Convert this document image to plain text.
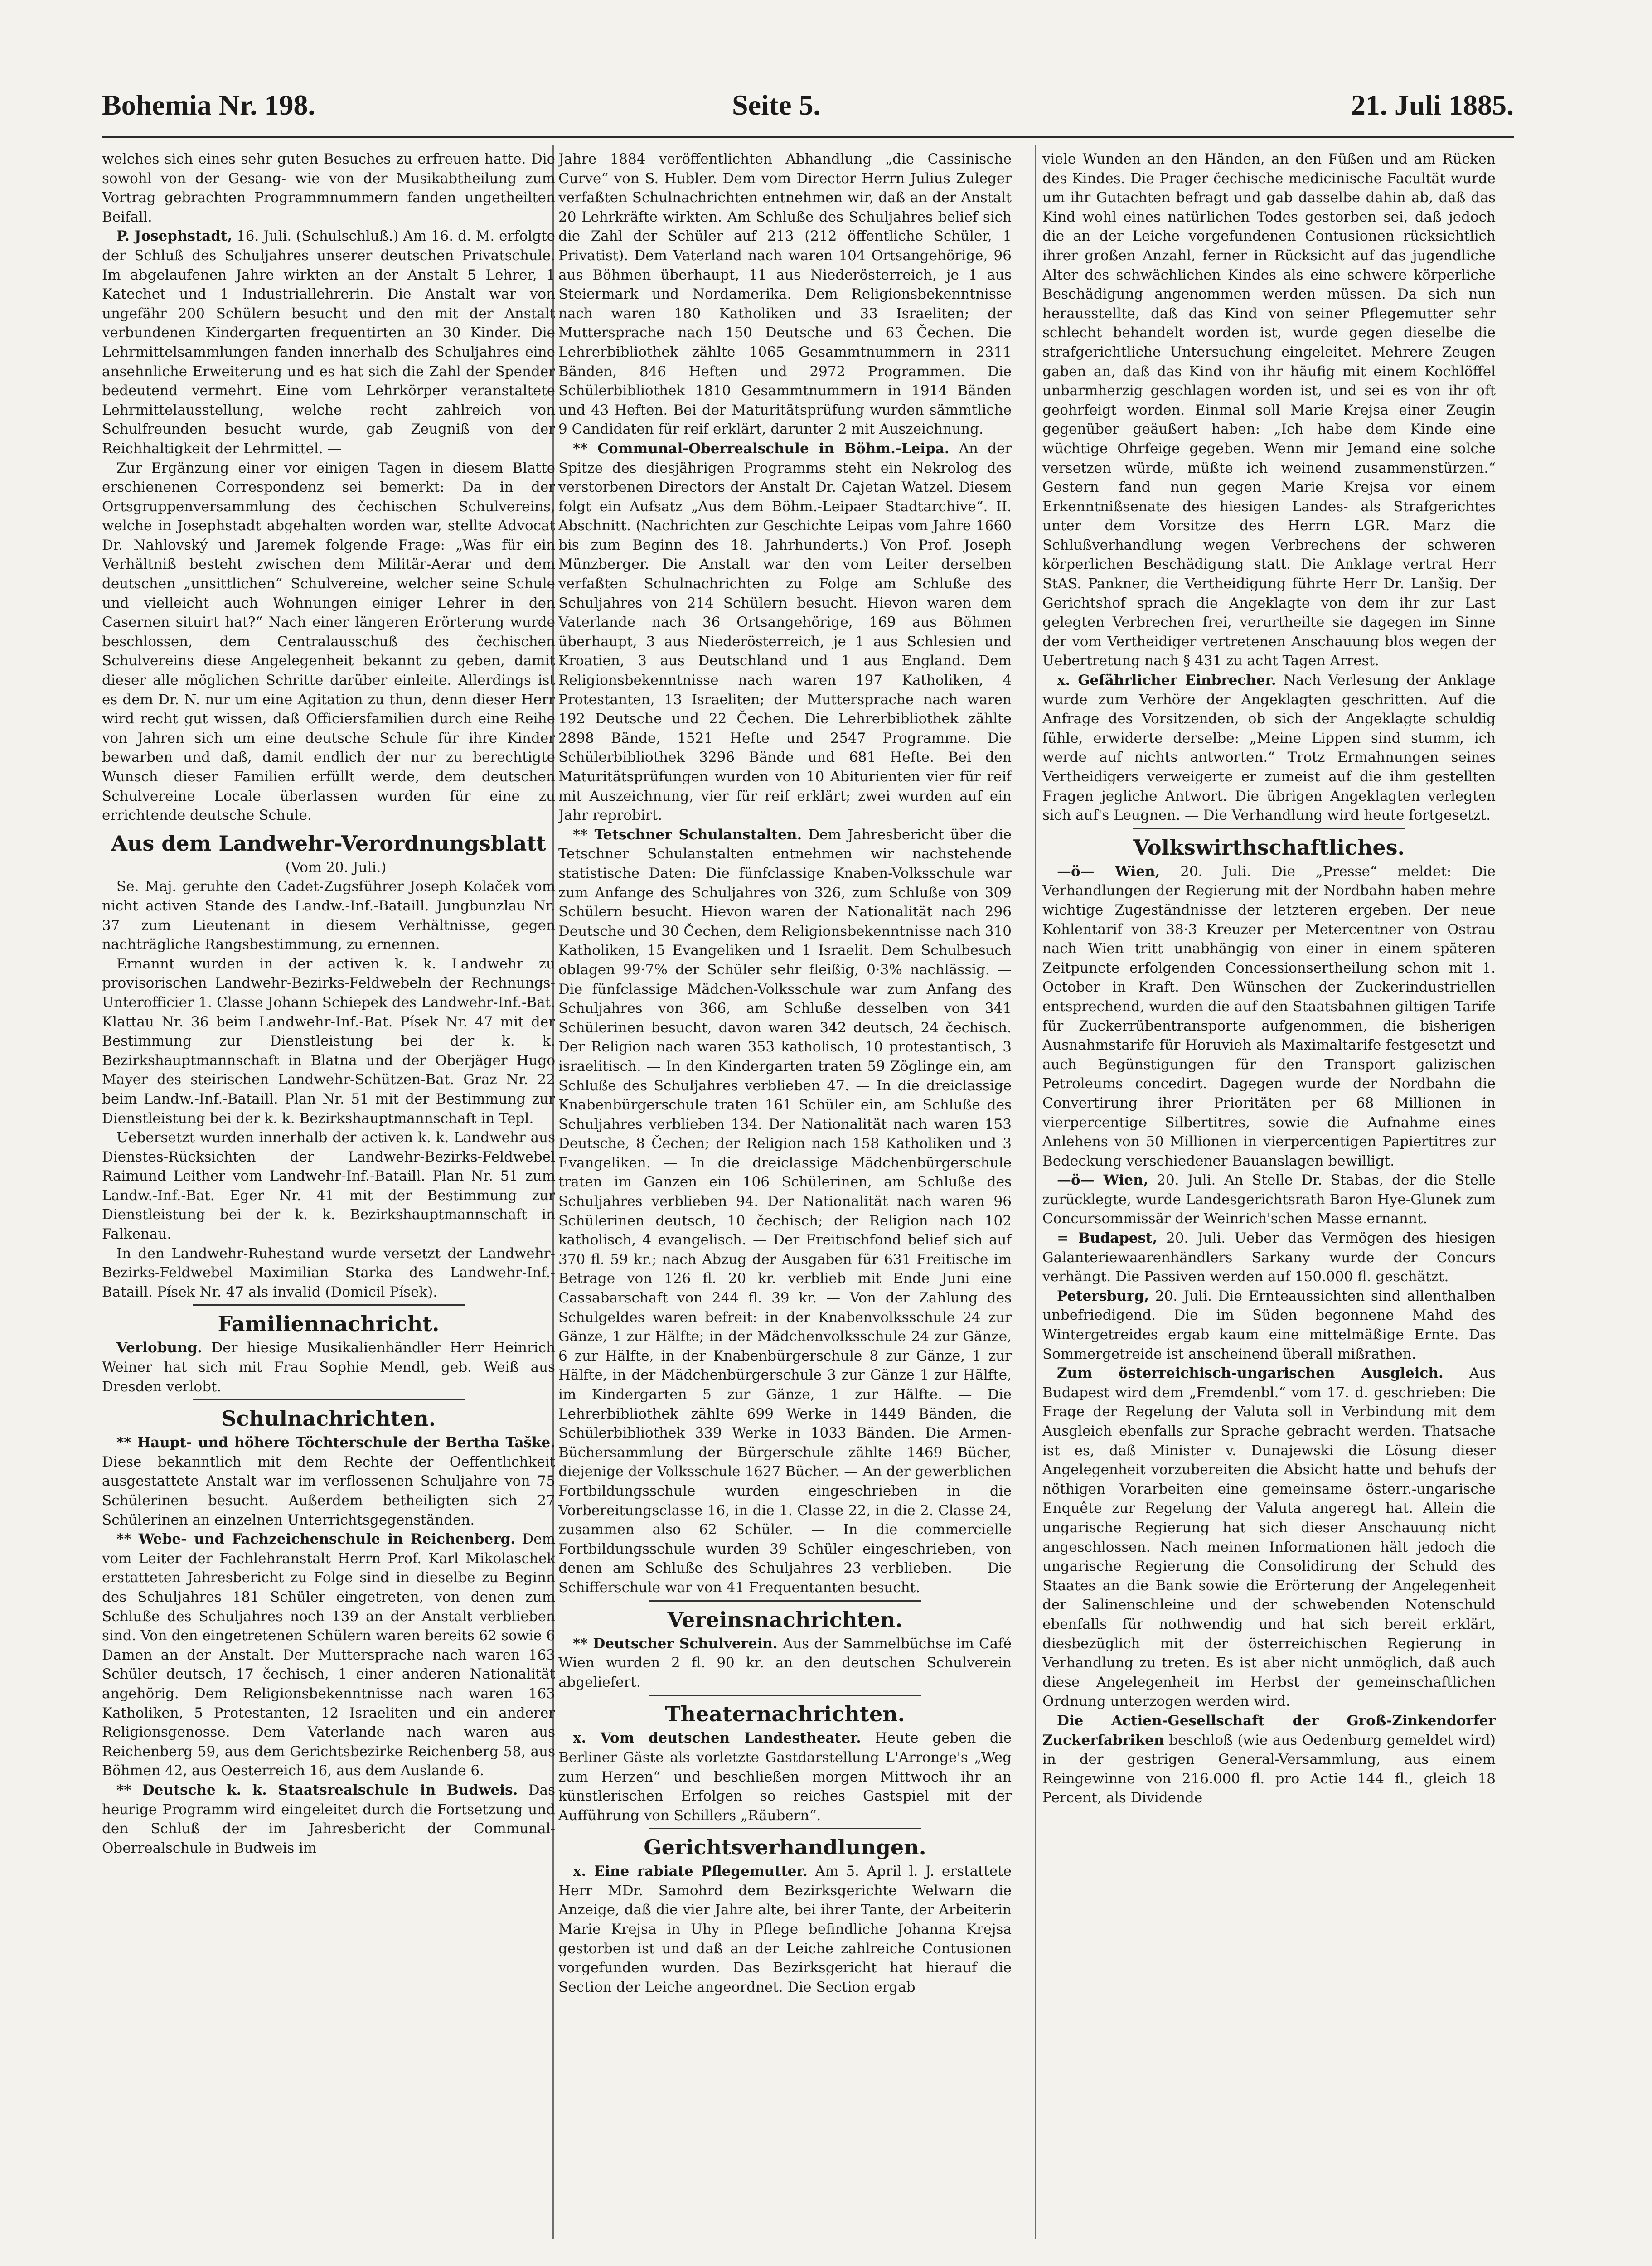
Bohemia Nr. 198.	Seite 5.	21. Juli 1885.

welches sich eines sehr guten Besuches zu erfreuen hatte. Die sowohl von der Gesang- wie von der Musikabtheilung zum Vortrag gebrachten Programmnummern fanden ungetheilten Beifall.

P. Josephstadt, 16. Juli. (Schulschluß.) Am 16. d. M. erfolgte der Schluß des Schuljahres unserer deutschen Privatschule. Im abgelaufenen Jahre wirkten an der Anstalt 5 Lehrer, 1 Katechet und 1 Industriallehrerin. Die Anstalt war von ungefähr 200 Schülern besucht und den mit der Anstalt verbundenen Kindergarten frequentirten an 30 Kinder. Die Lehrmittelsammlungen fanden innerhalb des Schuljahres eine ansehnliche Erweiterung und es hat sich die Zahl der Spender bedeutend vermehrt. Eine vom Lehrkörper veranstaltete Lehrmittelausstellung, welche recht zahlreich von Schulfreunden besucht wurde, gab Zeugniß von der Reichhaltigkeit der Lehrmittel. —

Zur Ergänzung einer vor einigen Tagen in diesem Blatte erschienenen Correspondenz sei bemerkt: Da in der Ortsgruppenversammlung des čechischen Schulvereins, welche in Josephstadt abgehalten worden war, stellte Advocat Dr. Nahlovský und Jaremek folgende Frage: „Was für ein Verhältniß besteht zwischen dem Militär-Aerar und dem deutschen „unsittlichen“ Schulvereine, welcher seine Schule und vielleicht auch Wohnungen einiger Lehrer in den Casernen situirt hat?“ Nach einer längeren Erörterung wurde beschlossen, dem Centralausschuß des čechischen Schulvereins diese Angelegenheit bekannt zu geben, damit dieser alle möglichen Schritte darüber einleite. Allerdings ist es dem Dr. N. nur um eine Agitation zu thun, denn dieser Herr wird recht gut wissen, daß Officiersfamilien durch eine Reihe von Jahren sich um eine deutsche Schule für ihre Kinder bewarben und daß, damit endlich der nur zu berechtigte Wunsch dieser Familien erfüllt werde, dem deutschen Schulvereine Locale überlassen wurden für eine zu errichtende deutsche Schule.

Aus dem Landwehr-Verordnungsblatt

(Vom 20. Juli.)

Se. Maj. geruhte den Cadet-Zugsführer Joseph Kolaček vom nicht activen Stande des Landw.-Inf.-Bataill. Jungbunzlau Nr. 37 zum Lieutenant in diesem Verhältnisse, gegen nachträgliche Rangsbestimmung, zu ernennen.

Ernannt wurden in der activen k. k. Landwehr zu provisorischen Landwehr-Bezirks-Feldwebeln der Rechnungs-Unterofficier 1. Classe Johann Schiepek des Landwehr-Inf.-Bat. Klattau Nr. 36 beim Landwehr-Inf.-Bat. Písek Nr. 47 mit der Bestimmung zur Dienstleistung bei der k. k. Bezirkshauptmannschaft in Blatna und der Oberjäger Hugo Mayer des steirischen Landwehr-Schützen-Bat. Graz Nr. 22 beim Landw.-Inf.-Bataill. Plan Nr. 51 mit der Bestimmung zur Dienstleistung bei der k. k. Bezirkshauptmannschaft in Tepl.

Uebersetzt wurden innerhalb der activen k. k. Landwehr aus Dienstes-Rücksichten der Landwehr-Bezirks-Feldwebel Raimund Leither vom Landwehr-Inf.-Bataill. Plan Nr. 51 zum Landw.-Inf.-Bat. Eger Nr. 41 mit der Bestimmung zur Dienstleistung bei der k. k. Bezirkshauptmannschaft in Falkenau.

In den Landwehr-Ruhestand wurde versetzt der Landwehr-Bezirks-Feldwebel Maximilian Starka des Landwehr-Inf.-Bataill. Písek Nr. 47 als invalid (Domicil Písek).

Familiennachricht.

Verlobung. Der hiesige Musikalienhändler Herr Heinrich Weiner hat sich mit Frau Sophie Mendl, geb. Weiß aus Dresden verlobt.

Schulnachrichten.

** Haupt- und höhere Töchterschule der Bertha Taške. Diese bekanntlich mit dem Rechte der Oeffentlichkeit ausgestattete Anstalt war im verflossenen Schuljahre von 75 Schülerinen besucht. Außerdem betheiligten sich 27 Schülerinen an einzelnen Unterrichtsgegenständen.

** Webe- und Fachzeichenschule in Reichenberg. Dem vom Leiter der Fachlehranstalt Herrn Prof. Karl Mikolaschek erstatteten Jahresbericht zu Folge sind in dieselbe zu Beginn des Schuljahres 181 Schüler eingetreten, von denen zum Schluße des Schuljahres noch 139 an der Anstalt verblieben sind. Von den eingetretenen Schülern waren bereits 62 sowie 6 Damen an der Anstalt. Der Muttersprache nach waren 163 Schüler deutsch, 17 čechisch, 1 einer anderen Nationalität angehörig. Dem Religionsbekenntnisse nach waren 163 Katholiken, 5 Protestanten, 12 Israeliten und ein anderer Religionsgenosse. Dem Vaterlande nach waren aus Reichenberg 59, aus dem Gerichtsbezirke Reichenberg 58, aus Böhmen 42, aus Oesterreich 16, aus dem Auslande 6.

** Deutsche k. k. Staatsrealschule in Budweis. Das heurige Programm wird eingeleitet durch die Fortsetzung und den Schluß der im Jahresbericht der Communal-Oberrealschule in Budweis im

Jahre 1884 veröffentlichten Abhandlung „die Cassinische Curve“ von S. Hubler. Dem vom Director Herrn Julius Zuleger verfaßten Schulnachrichten entnehmen wir, daß an der Anstalt 20 Lehrkräfte wirkten. Am Schluße des Schuljahres belief sich die Zahl der Schüler auf 213 (212 öffentliche Schüler, 1 Privatist). Dem Vaterland nach waren 104 Ortsangehörige, 96 aus Böhmen überhaupt, 11 aus Niederösterreich, je 1 aus Steiermark und Nordamerika. Dem Religionsbekenntnisse nach waren 180 Katholiken und 33 Israeliten; der Muttersprache nach 150 Deutsche und 63 Čechen. Die Lehrerbibliothek zählte 1065 Gesammtnummern in 2311 Bänden, 846 Heften und 2972 Programmen. Die Schülerbibliothek 1810 Gesammtnummern in 1914 Bänden und 43 Heften. Bei der Maturitätsprüfung wurden sämmtliche 9 Candidaten für reif erklärt, darunter 2 mit Auszeichnung.

** Communal-Oberrealschule in Böhm.-Leipa. An der Spitze des diesjährigen Programms steht ein Nekrolog des verstorbenen Directors der Anstalt Dr. Cajetan Watzel. Diesem folgt ein Aufsatz „Aus dem Böhm.-Leipaer Stadtarchive“. II. Abschnitt. (Nachrichten zur Geschichte Leipas vom Jahre 1660 bis zum Beginn des 18. Jahrhunderts.) Von Prof. Joseph Münzberger. Die Anstalt war den vom Leiter derselben verfaßten Schulnachrichten zu Folge am Schluße des Schuljahres von 214 Schülern besucht. Hievon waren dem Vaterlande nach 36 Ortsangehörige, 169 aus Böhmen überhaupt, 3 aus Niederösterreich, je 1 aus Schlesien und Kroatien, 3 aus Deutschland und 1 aus England. Dem Religionsbekenntnisse nach waren 197 Katholiken, 4 Protestanten, 13 Israeliten; der Muttersprache nach waren 192 Deutsche und 22 Čechen. Die Lehrerbibliothek zählte 2898 Bände, 1521 Hefte und 2547 Programme. Die Schülerbibliothek 3296 Bände und 681 Hefte. Bei den Maturitätsprüfungen wurden von 10 Abiturienten vier für reif mit Auszeichnung, vier für reif erklärt; zwei wurden auf ein Jahr reprobirt.

** Tetschner Schulanstalten. Dem Jahresbericht über die Tetschner Schulanstalten entnehmen wir nachstehende statistische Daten: Die fünfclassige Knaben-Volksschule war zum Anfange des Schuljahres von 326, zum Schluße von 309 Schülern besucht. Hievon waren der Nationalität nach 296 Deutsche und 30 Čechen, dem Religionsbekenntnisse nach 310 Katholiken, 15 Evangeliken und 1 Israelit. Dem Schulbesuch oblagen 99·7% der Schüler sehr fleißig, 0·3% nachlässig. — Die fünfclassige Mädchen-Volksschule war zum Anfang des Schuljahres von 366, am Schluße desselben von 341 Schülerinen besucht, davon waren 342 deutsch, 24 čechisch. Der Religion nach waren 353 katholisch, 10 protestantisch, 3 israelitisch. — In den Kindergarten traten 59 Zöglinge ein, am Schluße des Schuljahres verblieben 47. — In die dreiclassige Knabenbürgerschule traten 161 Schüler ein, am Schluße des Schuljahres verblieben 134. Der Nationalität nach waren 153 Deutsche, 8 Čechen; der Religion nach 158 Katholiken und 3 Evangeliken. — In die dreiclassige Mädchenbürgerschule traten im Ganzen ein 106 Schülerinen, am Schluße des Schuljahres verblieben 94. Der Nationalität nach waren 96 Schülerinen deutsch, 10 čechisch; der Religion nach 102 katholisch, 4 evangelisch. — Der Freitischfond belief sich auf 370 fl. 59 kr.; nach Abzug der Ausgaben für 631 Freitische im Betrage von 126 fl. 20 kr. verblieb mit Ende Juni eine Cassabarschaft von 244 fl. 39 kr. — Von der Zahlung des Schulgeldes waren befreit: in der Knabenvolksschule 24 zur Gänze, 1 zur Hälfte; in der Mädchenvolksschule 24 zur Gänze, 6 zur Hälfte, in der Knabenbürgerschule 8 zur Gänze, 1 zur Hälfte, in der Mädchenbürgerschule 3 zur Gänze 1 zur Hälfte, im Kindergarten 5 zur Gänze, 1 zur Hälfte. — Die Lehrerbibliothek zählte 699 Werke in 1449 Bänden, die Schülerbibliothek 339 Werke in 1033 Bänden. Die Armen-Büchersammlung der Bürgerschule zählte 1469 Bücher, diejenige der Volksschule 1627 Bücher. — An der gewerblichen Fortbildungsschule wurden eingeschrieben in die Vorbereitungsclasse 16, in die 1. Classe 22, in die 2. Classe 24, zusammen also 62 Schüler. — In die commercielle Fortbildungsschule wurden 39 Schüler eingeschrieben, von denen am Schluße des Schuljahres 23 verblieben. — Die Schifferschule war von 41 Frequentanten besucht.

Vereinsnachrichten.

** Deutscher Schulverein. Aus der Sammelbüchse im Café Wien wurden 2 fl. 90 kr. an den deutschen Schulverein abgeliefert.

Theaternachrichten.

x. Vom deutschen Landestheater. Heute geben die Berliner Gäste als vorletzte Gastdarstellung L'Arronge's „Weg zum Herzen“ und beschließen morgen Mittwoch ihr an künstlerischen Erfolgen so reiches Gastspiel mit der Aufführung von Schillers „Räubern“.

Gerichtsverhandlungen.

x. Eine rabiate Pflegemutter. Am 5. April l. J. erstattete Herr MDr. Samohrd dem Bezirksgerichte Welwarn die Anzeige, daß die vier Jahre alte, bei ihrer Tante, der Arbeiterin Marie Krejsa in Uhy in Pflege befindliche Johanna Krejsa gestorben ist und daß an der Leiche zahlreiche Contusionen vorgefunden wurden. Das Bezirksgericht hat hierauf die Section der Leiche angeordnet. Die Section ergab

viele Wunden an den Händen, an den Füßen und am Rücken des Kindes. Die Prager čechische medicinische Facultät wurde um ihr Gutachten befragt und gab dasselbe dahin ab, daß das Kind wohl eines natürlichen Todes gestorben sei, daß jedoch die an der Leiche vorgefundenen Contusionen rücksichtlich ihrer großen Anzahl, ferner in Rücksicht auf das jugendliche Alter des schwächlichen Kindes als eine schwere körperliche Beschädigung angenommen werden müssen. Da sich nun herausstellte, daß das Kind von seiner Pflegemutter sehr schlecht behandelt worden ist, wurde gegen dieselbe die strafgerichtliche Untersuchung eingeleitet. Mehrere Zeugen gaben an, daß das Kind von ihr häufig mit einem Kochlöffel unbarmherzig geschlagen worden ist, und sei es von ihr oft geohrfeigt worden. Einmal soll Marie Krejsa einer Zeugin gegenüber geäußert haben: „Ich habe dem Kinde eine wüchtige Ohrfeige gegeben. Wenn mir Jemand eine solche versetzen würde, müßte ich weinend zusammenstürzen.“ Gestern fand nun gegen Marie Krejsa vor einem Erkenntnißsenate des hiesigen Landes- als Strafgerichtes unter dem Vorsitze des Herrn LGR. Marz die Schlußverhandlung wegen Verbrechens der schweren körperlichen Beschädigung statt. Die Anklage vertrat Herr StAS. Pankner, die Vertheidigung führte Herr Dr. Lanšig. Der Gerichtshof sprach die Angeklagte von dem ihr zur Last gelegten Verbrechen frei, verurtheilte sie dagegen im Sinne der vom Vertheidiger vertretenen Anschauung blos wegen der Uebertretung nach § 431 zu acht Tagen Arrest.

x. Gefährlicher Einbrecher. Nach Verlesung der Anklage wurde zum Verhöre der Angeklagten geschritten. Auf die Anfrage des Vorsitzenden, ob sich der Angeklagte schuldig fühle, erwiderte derselbe: „Meine Lippen sind stumm, ich werde auf nichts antworten.“ Trotz Ermahnungen seines Vertheidigers verweigerte er zumeist auf die ihm gestellten Fragen jegliche Antwort. Die übrigen Angeklagten verlegten sich auf's Leugnen. — Die Verhandlung wird heute fortgesetzt.

Volkswirthschaftliches.

—ö— Wien, 20. Juli. Die „Presse“ meldet: Die Verhandlungen der Regierung mit der Nordbahn haben mehre wichtige Zugeständnisse der letzteren ergeben. Der neue Kohlentarif von 38·3 Kreuzer per Metercentner von Ostrau nach Wien tritt unabhängig von einer in einem späteren Zeitpuncte erfolgenden Concessionsertheilung schon mit 1. October in Kraft. Den Wünschen der Zuckerindustriellen entsprechend, wurden die auf den Staatsbahnen giltigen Tarife für Zuckerrübentransporte aufgenommen, die bisherigen Ausnahmstarife für Horuvieh als Maximaltarife festgesetzt und auch Begünstigungen für den Transport galizischen Petroleums concedirt. Dagegen wurde der Nordbahn die Convertirung ihrer Prioritäten per 68 Millionen in vierpercentige Silbertitres, sowie die Aufnahme eines Anlehens von 50 Millionen in vierpercentigen Papiertitres zur Bedeckung verschiedener Bauanslagen bewilligt.

—ö— Wien, 20. Juli. An Stelle Dr. Stabas, der die Stelle zurücklegte, wurde Landesgerichtsrath Baron Hye-Glunek zum Concursommissär der Weinrich'schen Masse ernannt.

= Budapest, 20. Juli. Ueber das Vermögen des hiesigen Galanteriewaarenhändlers Sarkany wurde der Concurs verhängt. Die Passiven werden auf 150.000 fl. geschätzt.

Petersburg, 20. Juli. Die Ernteaussichten sind allenthalben unbefriedigend. Die im Süden begonnene Mahd des Wintergetreides ergab kaum eine mittelmäßige Ernte. Das Sommergetreide ist anscheinend überall mißrathen.

Zum österreichisch-ungarischen Ausgleich. Aus Budapest wird dem „Fremdenbl.“ vom 17. d. geschrieben: Die Frage der Regelung der Valuta soll in Verbindung mit dem Ausgleich ebenfalls zur Sprache gebracht werden. Thatsache ist es, daß Minister v. Dunajewski die Lösung dieser Angelegenheit vorzubereiten die Absicht hatte und behufs der nöthigen Vorarbeiten eine gemeinsame österr.-ungarische Enquête zur Regelung der Valuta angeregt hat. Allein die ungarische Regierung hat sich dieser Anschauung nicht angeschlossen. Nach meinen Informationen hält jedoch die ungarische Regierung die Consolidirung der Schuld des Staates an die Bank sowie die Erörterung der Angelegenheit der Salinenschleine und der schwebenden Notenschuld ebenfalls für nothwendig und hat sich bereit erklärt, diesbezüglich mit der österreichischen Regierung in Verhandlung zu treten. Es ist aber nicht unmöglich, daß auch diese Angelegenheit im Herbst der gemeinschaftlichen Ordnung unterzogen werden wird.

Die Actien-Gesellschaft der Groß-Zinkendorfer Zuckerfabriken beschloß (wie aus Oedenburg gemeldet wird) in der gestrigen General-Versammlung, aus einem Reingewinne von 216.000 fl. pro Actie 144 fl., gleich 18 Percent, als Dividende
